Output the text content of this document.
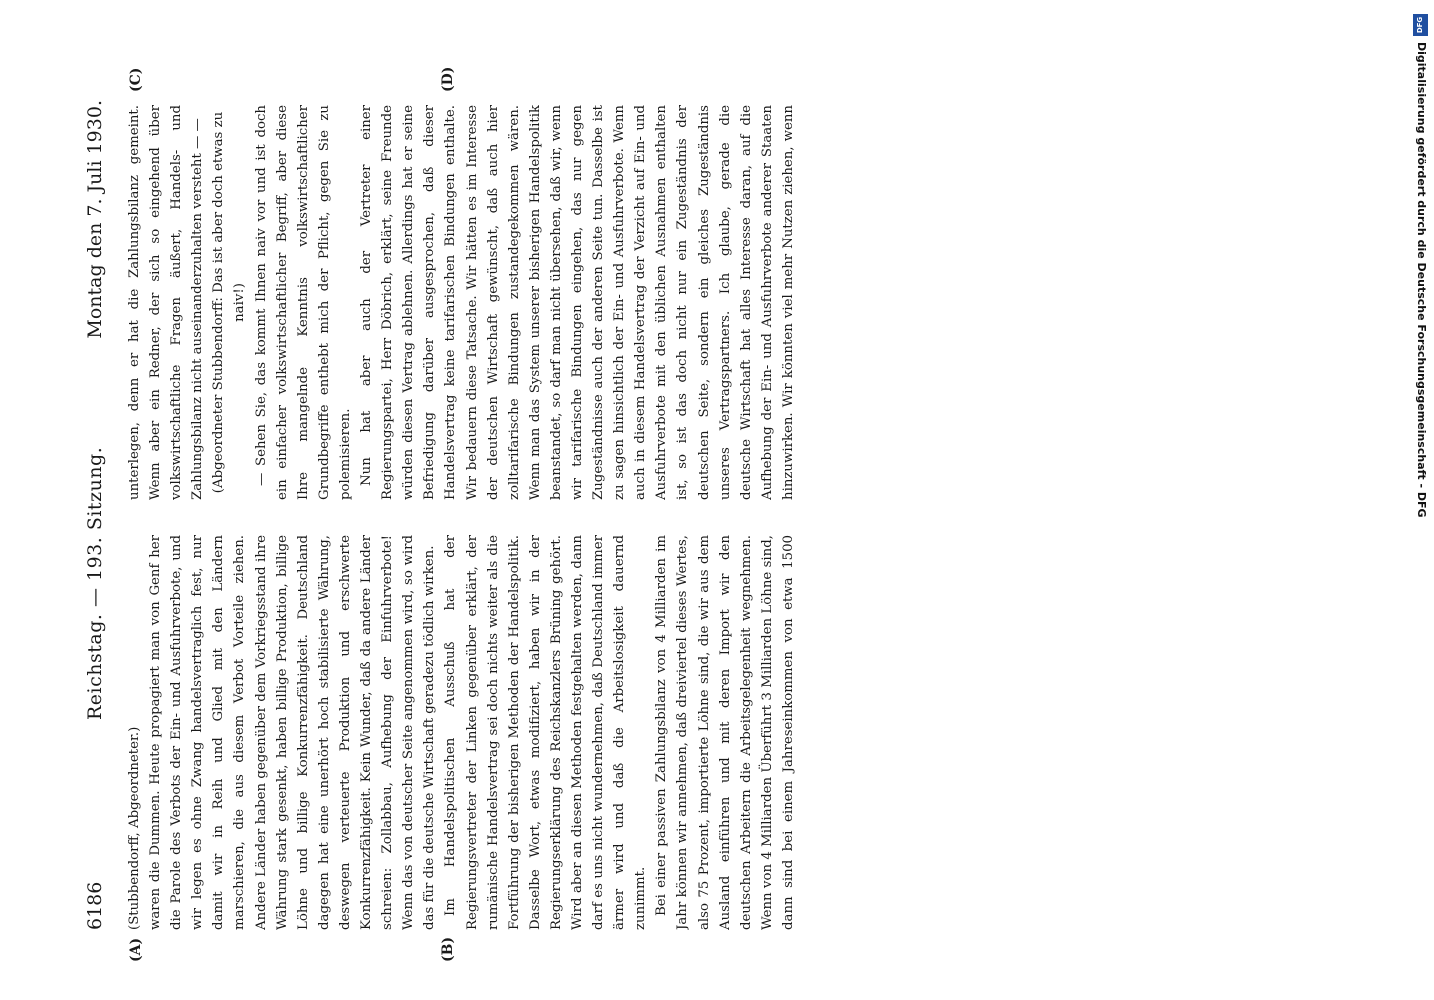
6186
Reichstag. — 193. Sitzung.
Montag den 7. Juli 1930.
(A)	(B)
(C)	(D)

(Stubbendorff, Abgeordneter.) waren die Dummen. Heute propagiert man von Genf her die Parole des Verbots der Ein- und Ausfuhrverbote, und wir legen es ohne Zwang handelsvertraglich fest, nur damit wir in Reih und Glied mit den Ländern marschieren, die aus diesem Verbot Vorteile ziehen. Andere Länder haben gegenüber dem Vorkriegsstand ihre Währung stark gesenkt, haben billige Produktion, billige Löhne und billige Konkurrenzfähigkeit. Deutschland dagegen hat eine unerhört hoch stabilisierte Währung, deswegen verteuerte Produktion und erschwerte Konkurrenzfähigkeit. Kein Wunder, daß da andere Länder schreien: Zollabbau, Aufhebung der Einfuhrverbote! Wenn das von deutscher Seite angenommen wird, so wird das für die deutsche Wirtschaft geradezu tödlich wirken. Im Handelspolitischen Ausschuß hat der Regierungsvertreter der Linken gegenüber erklärt, der rumänische Handelsvertrag sei doch nichts weiter als die Fortführung der bisherigen Methoden der Handelspolitik. Dasselbe Wort, etwas modifiziert, haben wir in der Regierungserklärung des Reichskanzlers Brüning gehört. Wird aber an diesen Methoden festgehalten werden, dann darf es uns nicht wundernehmen, daß Deutschland immer ärmer wird und daß die Arbeitslosigkeit dauernd zunimmt. Bei einer passiven Zahlungsbilanz von 4 Milliarden im Jahr können wir annehmen, daß dreiviertel dieses Wertes, also 75 Prozent, importierte Löhne sind, die wir aus dem Ausland einführen und mit deren Import wir den deutschen Arbeitern die Arbeitsgelegenheit wegnehmen. Wenn von 4 Milliarden Überführt 3 Milliarden Löhne sind, dann sind bei einem Jahreseinkommen von etwa 1500

unterlegen, denn er hat die Zahlungsbilanz gemeint. Wenn aber ein Redner, der sich so eingehend über volkswirtschaftliche Fragen äußert, Handels- und Zahlungsbilanz nicht auseinanderzuhalten versteht — — (Abgeordneter Stubbendorff: Das ist aber doch etwas zu naiv!) — Sehen Sie, das kommt Ihnen naiv vor und ist doch ein einfacher volkswirtschaftlicher Begriff, aber diese Ihre mangelnde Kenntnis volkswirtschaftlicher Grundbegriffe enthebt mich der Pflicht, gegen Sie zu polemisieren. Nun hat aber auch der Vertreter einer Regierungspartei, Herr Döbrich, erklärt, seine Freunde würden diesen Vertrag ablehnen. Allerdings hat er seine Befriedigung darüber ausgesprochen, daß dieser Handelsvertrag keine tarifarischen Bindungen enthalte. Wir bedauern diese Tatsache. Wir hätten es im Interesse der deutschen Wirtschaft gewünscht, daß auch hier zolltarifarische Bindungen zustandegekommen wären. Wenn man das System unserer bisherigen Handelspolitik beanstandet, so darf man nicht übersehen, daß wir, wenn wir tarifarische Bindungen eingehen, das nur gegen Zugeständnisse auch der anderen Seite tun. Dasselbe ist zu sagen hinsichtlich der Ein- und Ausfuhrverbote. Wenn auch in diesem Handelsvertrag der Verzicht auf Ein- und Ausfuhrverbote mit den üblichen Ausnahmen enthalten ist, so ist das doch nicht nur ein Zugeständnis der deutschen Seite, sondern ein gleiches Zugeständnis unseres Vertragspartners. Ich glaube, gerade die deutsche Wirtschaft hat alles Interesse daran, auf die Aufhebung der Ein- und Ausfuhrverbote anderer Staaten hinzuwirken. Wir könnten viel mehr Nutzen ziehen, wenn

DFG
Digitalisierung gefördert durch die Deutsche Forschungsgemeinschaft - DFG
